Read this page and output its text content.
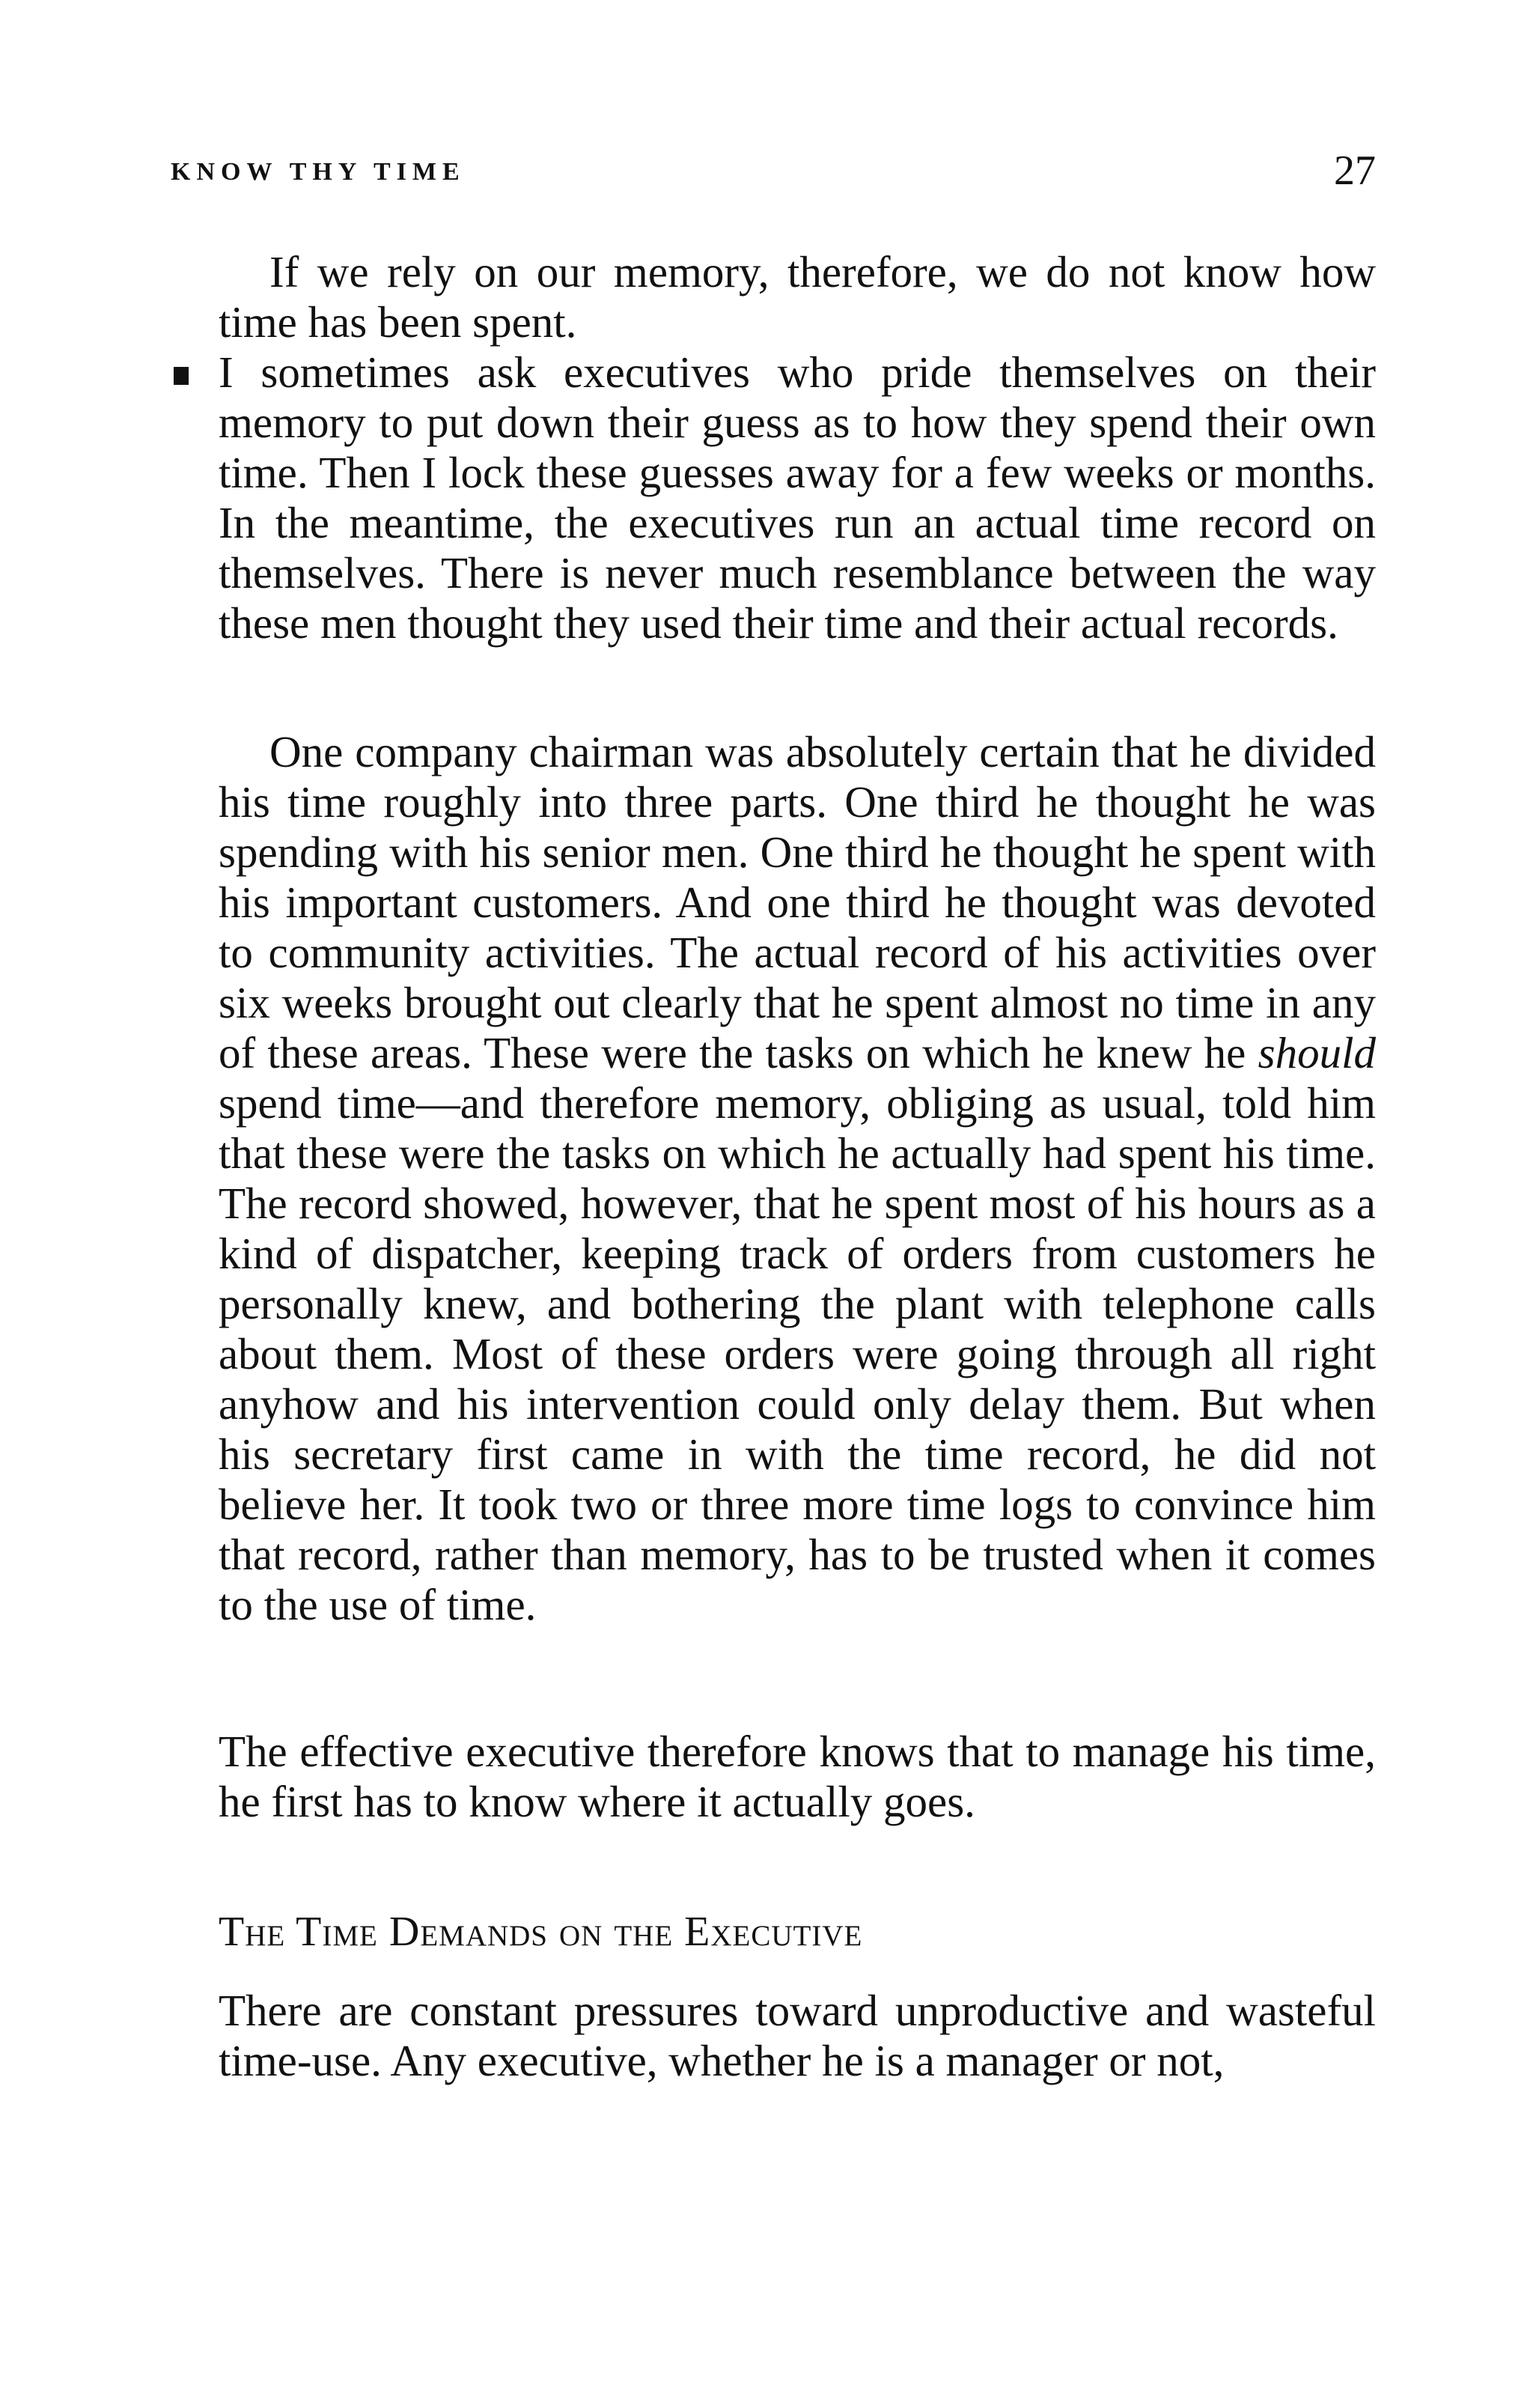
KNOW THY TIME	27

If we rely on our memory, therefore, we do not know how time has been spent.

I sometimes ask executives who pride themselves on their memory to put down their guess as to how they spend their own time. Then I lock these guesses away for a few weeks or months. In the meantime, the executives run an actual time record on themselves. There is never much resemblance between the way these men thought they used their time and their actual records.

One company chairman was absolutely certain that he divided his time roughly into three parts. One third he thought he was spending with his senior men. One third he thought he spent with his important customers. And one third he thought was devoted to community activities. The actual record of his activities over six weeks brought out clearly that he spent almost no time in any of these areas. These were the tasks on which he knew he should spend time—and therefore memory, obliging as usual, told him that these were the tasks on which he actually had spent his time. The record showed, however, that he spent most of his hours as a kind of dispatcher, keeping track of orders from customers he personally knew, and bothering the plant with telephone calls about them. Most of these orders were going through all right anyhow and his intervention could only delay them. But when his secretary first came in with the time record, he did not believe her. It took two or three more time logs to convince him that record, rather than memory, has to be trusted when it comes to the use of time.

The effective executive therefore knows that to manage his time, he first has to know where it actually goes.

The Time Demands on the Executive

There are constant pressures toward unproductive and wasteful time-use. Any executive, whether he is a manager or not,
